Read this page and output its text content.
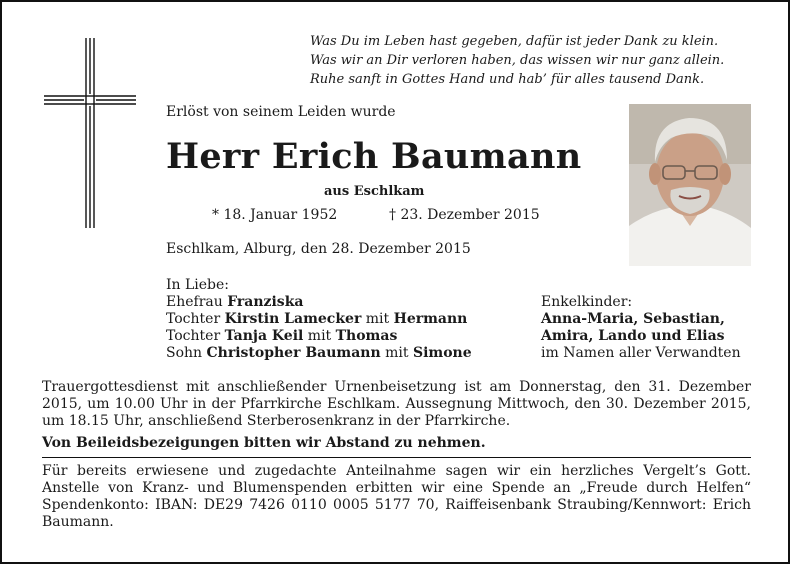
Was Du im Leben hast gegeben, dafür ist jeder Dank zu klein.
Was wir an Dir verloren haben, das wissen wir nur ganz allein.
Ruhe sanft in Gottes Hand und hab’ für alles tausend Dank.
Erlöst von seinem Leiden wurde
Herr Erich Baumann
aus Eschlkam
* 18. Januar 1952	† 23. Dezember 2015
Eschlkam, Alburg, den 28. Dezember 2015
In Liebe:
Ehefrau Franziska
Tochter Kirstin Lamecker mit Hermann
Tochter Tanja Keil mit Thomas
Sohn Christopher Baumann mit Simone
Enkelkinder:
Anna-Maria, Sebastian,
Amira, Lando und Elias
im Namen aller Verwandten
Trauergottesdienst mit anschließender Urnenbeisetzung ist am Donnerstag, den 31. Dezember
2015, um 10.00 Uhr in der Pfarrkirche Eschlkam. Aussegnung Mittwoch, den 30. Dezember 2015, um 18.15 Uhr, anschließend Sterberosenkranz in der Pfarrkirche.
Von Beileidsbezeigungen bitten wir Abstand zu nehmen.
Für bereits erwiesene und zugedachte Anteilnahme sagen wir ein herzliches Vergelt’s Gott. Anstelle von Kranz- und Blumenspenden erbitten wir eine Spende an „Freude durch Helfen“ Spendenkonto: IBAN: DE29 7426 0110 0005 5177 70, Raiffeisenbank Straubing/Kennwort: Erich Baumann.
